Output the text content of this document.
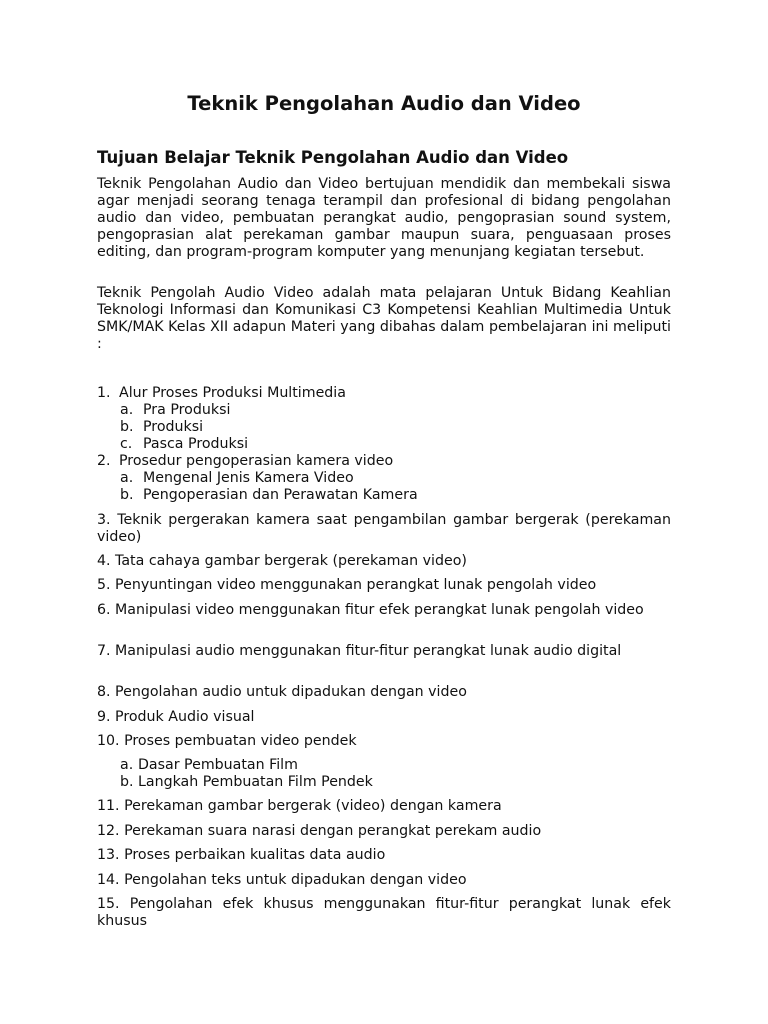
Teknik Pengolahan Audio dan Video
Tujuan Belajar Teknik Pengolahan Audio dan Video

Teknik Pengolahan Audio dan Video bertujuan mendidik dan membekali siswa agar menjadi seorang tenaga terampil dan profesional di bidang pengolahan audio dan video, pembuatan perangkat audio, pengoprasian sound system, pengoprasian alat perekaman gambar maupun suara, penguasaan proses editing, dan program-program komputer yang menunjang kegiatan tersebut.

Teknik Pengolah Audio Video adalah mata pelajaran Untuk Bidang Keahlian Teknologi Informasi dan Komunikasi C3 Kompetensi Keahlian Multimedia Untuk SMK/MAK Kelas XII adapun Materi yang dibahas dalam pembelajaran ini meliputi :

1. Alur Proses Produksi Multimedia
a. Pra Produksi
b. Produksi
c. Pasca Produksi
2. Prosedur pengoperasian kamera video
a. Mengenal Jenis Kamera Video
b. Pengoperasian dan Perawatan Kamera

3. Teknik pergerakan kamera saat pengambilan gambar bergerak (perekaman video)

4. Tata cahaya gambar bergerak (perekaman video)
5. Penyuntingan video menggunakan perangkat lunak pengolah video

6. Manipulasi video menggunakan fitur efek perangkat lunak pengolah video

7. Manipulasi audio menggunakan fitur-fitur perangkat lunak audio digital

8. Pengolahan audio untuk dipadukan dengan video
9. Produk Audio visual
10. Proses pembuatan video pendek
a. Dasar Pembuatan Film
b. Langkah Pembuatan Film Pendek
11. Perekaman gambar bergerak (video) dengan kamera
12. Perekaman suara narasi dengan perangkat perekam audio
13. Proses perbaikan kualitas data audio
14. Pengolahan teks untuk dipadukan dengan video

15. Pengolahan efek khusus menggunakan fitur-fitur perangkat lunak efek khusus
